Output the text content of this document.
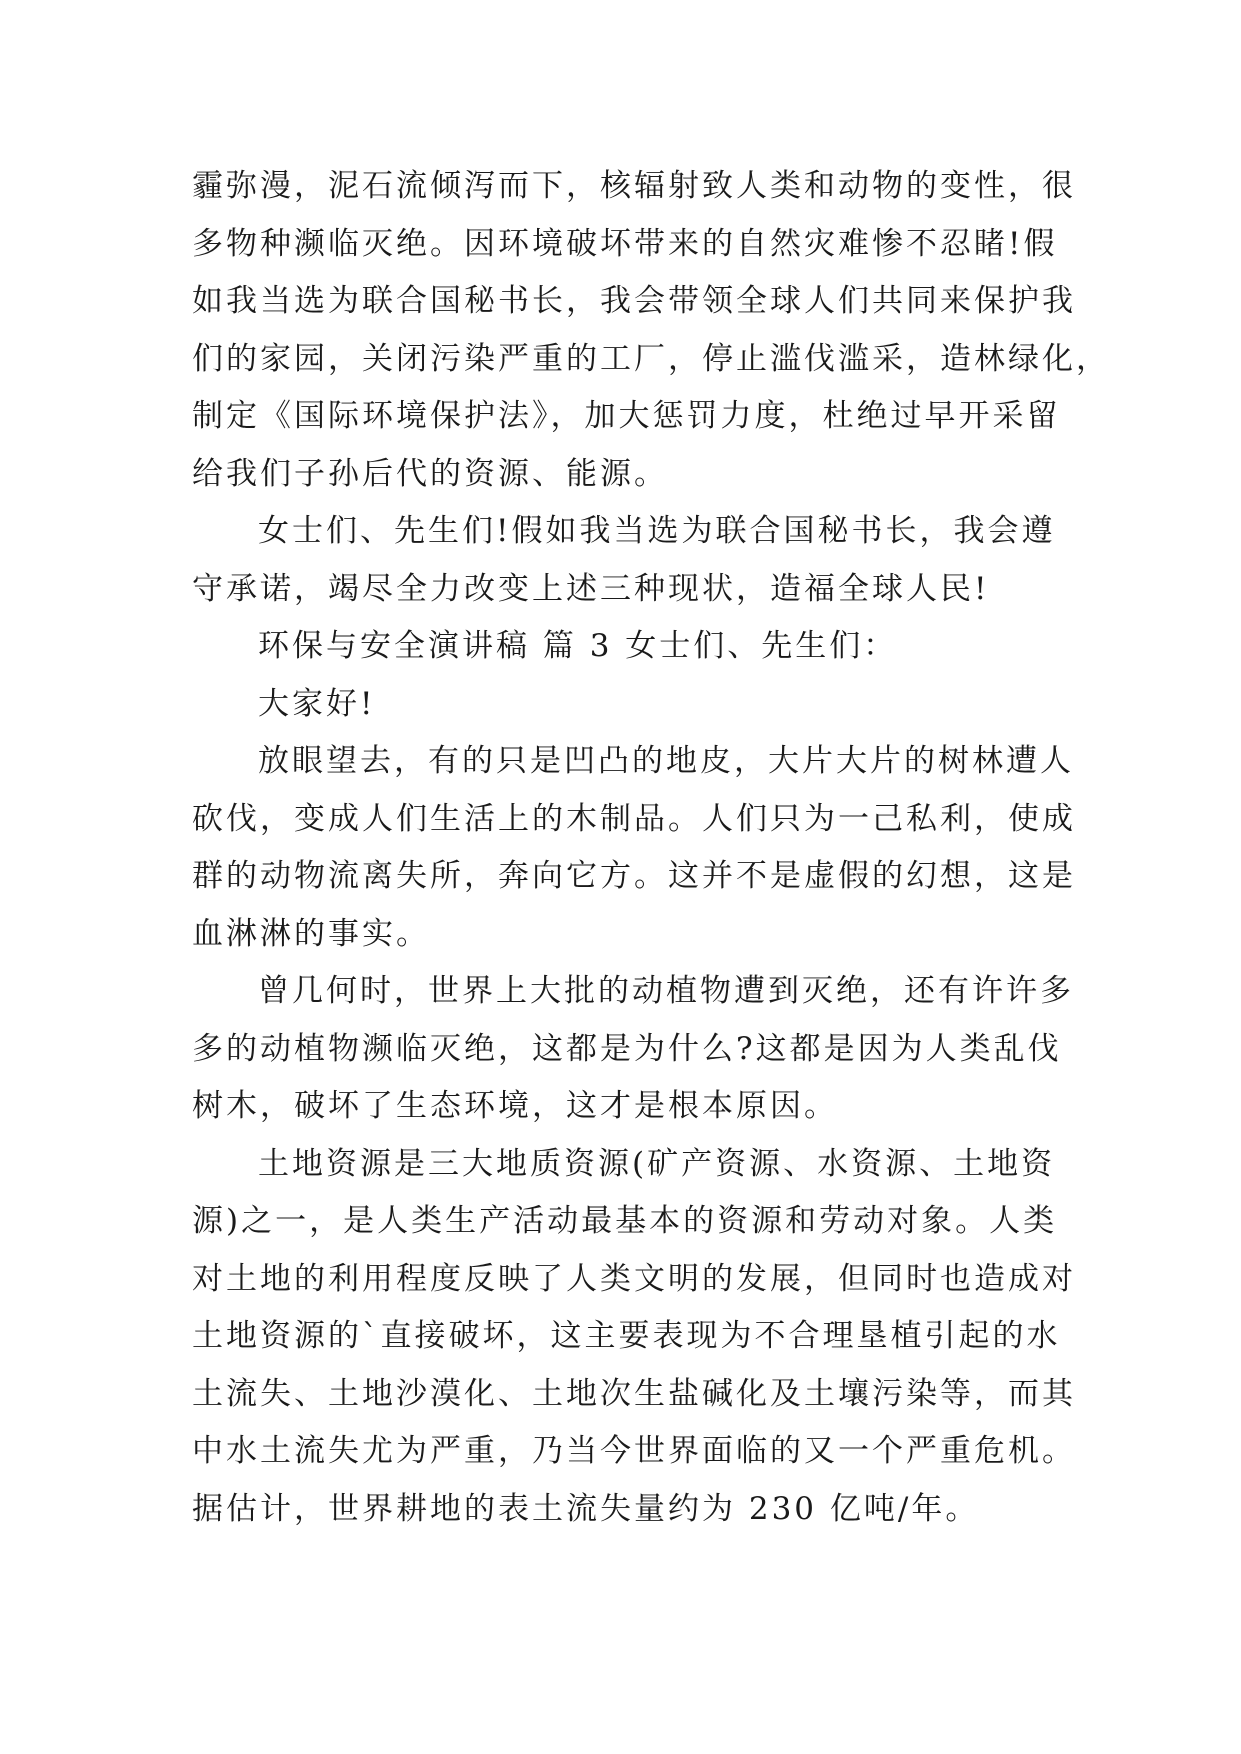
霾弥漫，泥石流倾泻而下，核辐射致人类和动物的变性，很
多物种濒临灭绝。因环境破坏带来的自然灾难惨不忍睹!假
如我当选为联合国秘书长，我会带领全球人们共同来保护我
们的家园，关闭污染严重的工厂，停止滥伐滥采，造林绿化，
制定《国际环境保护法》，加大惩罚力度，杜绝过早开采留
给我们子孙后代的资源、能源。
女士们、先生们!假如我当选为联合国秘书长，我会遵
守承诺，竭尽全力改变上述三种现状，造福全球人民!
环保与安全演讲稿 篇 3 女士们、先生们：
大家好!
放眼望去，有的只是凹凸的地皮，大片大片的树林遭人
砍伐，变成人们生活上的木制品。人们只为一己私利，使成
群的动物流离失所，奔向它方。这并不是虚假的幻想，这是
血淋淋的事实。
曾几何时，世界上大批的动植物遭到灭绝，还有许许多
多的动植物濒临灭绝，这都是为什么?这都是因为人类乱伐
树木，破坏了生态环境，这才是根本原因。
土地资源是三大地质资源(矿产资源、水资源、土地资
源)之一，是人类生产活动最基本的资源和劳动对象。人类
对土地的利用程度反映了人类文明的发展，但同时也造成对
土地资源的`直接破坏，这主要表现为不合理垦植引起的水
土流失、土地沙漠化、土地次生盐碱化及土壤污染等，而其
中水土流失尤为严重，乃当今世界面临的又一个严重危机。
据估计，世界耕地的表土流失量约为 230 亿吨/年。
